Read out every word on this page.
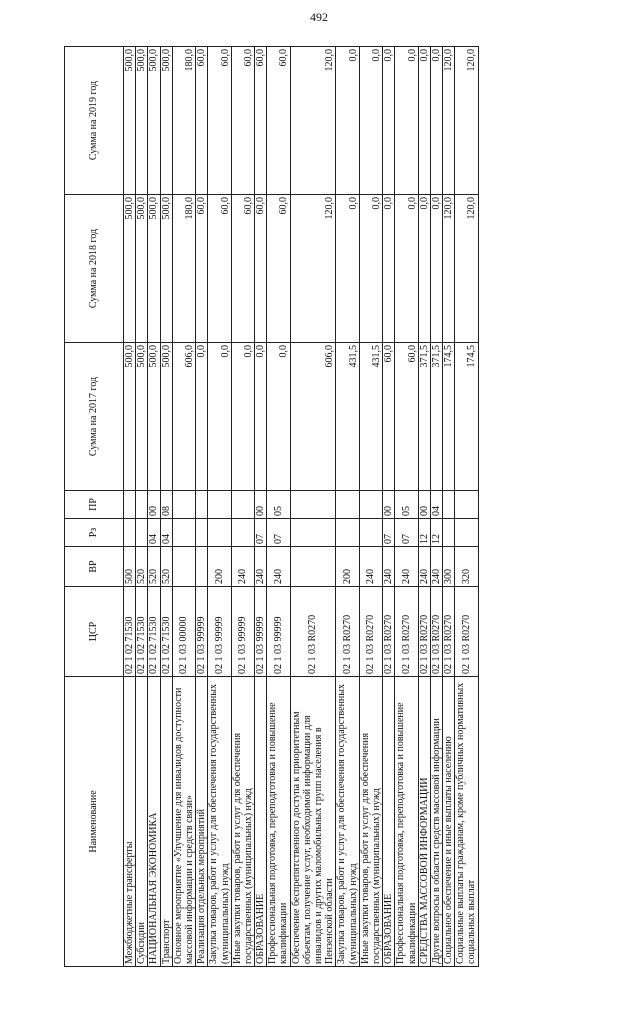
492
Наименование	ЦСР	ВР	Рз	ПР	Сумма на 2017 год	Сумма на 2018 год	Сумма на 2019 год
Межбюджетные трансферты	02 1 02 71530	500			500,0	500,0	500,0
Субсидии	02 1 02 71530	520			500,0	500,0	500,0
НАЦИОНАЛЬНАЯ ЭКОНОМИКА	02 1 02 71530	520	04	00	500,0	500,0	500,0
Транспорт	02 1 02 71530	520	04	08	500,0	500,0	500,0
Основное мероприятие «Улучшение для инвалидов доступности массовой информации и средств связи»	02 1 03 00000				606,0	180,0	180,0
Реализация отдельных мероприятий	02 1 03 99999				0,0	60,0	60,0
Закупка товаров, работ и услуг для обеспечения государственных (муниципальных) нужд	02 1 03 99999	200			0,0	60,0	60,0
Иные закупки товаров, работ и услуг для обеспечения государственных (муниципальных) нужд	02 1 03 99999	240			0,0	60,0	60,0
ОБРАЗОВАНИЕ	02 1 03 99999	240	07	00	0,0	60,0	60,0
Профессиональная подготовка, переподготовка и повышение квалификации	02 1 03 99999	240	07	05	0,0	60,0	60,0
Обеспечение беспрепятственного доступа к приоритетным объектам, получение услуг, необходимой информации для инвалидов и других маломобильных групп населения в Пензенской области	02 1 03 R0270				606,0	120,0	120,0
Закупка товаров, работ и услуг для обеспечения государственных (муниципальных) нужд	02 1 03 R0270	200			431,5	0,0	0,0
Иные закупки товаров, работ и услуг для обеспечения государственных (муниципальных) нужд	02 1 03 R0270	240			431,5	0,0	0,0
ОБРАЗОВАНИЕ	02 1 03 R0270	240	07	00	60,0	0,0	0,0
Профессиональная подготовка, переподготовка и повышение квалификации	02 1 03 R0270	240	07	05	60,0	0,0	0,0
СРЕДСТВА МАССОВОЙ ИНФОРМАЦИИ	02 1 03 R0270	240	12	00	371,5	0,0	0,0
Другие вопросы в области средств массовой информации	02 1 03 R0270	240	12	04	371,5	0,0	0,0
Социальное обеспечение и иные выплаты населению	02 1 03 R0270	300			174,5	120,0	120,0
Социальные выплаты гражданам, кроме публичных нормативных социальных выплат	02 1 03 R0270	320			174,5	120,0	120,0
